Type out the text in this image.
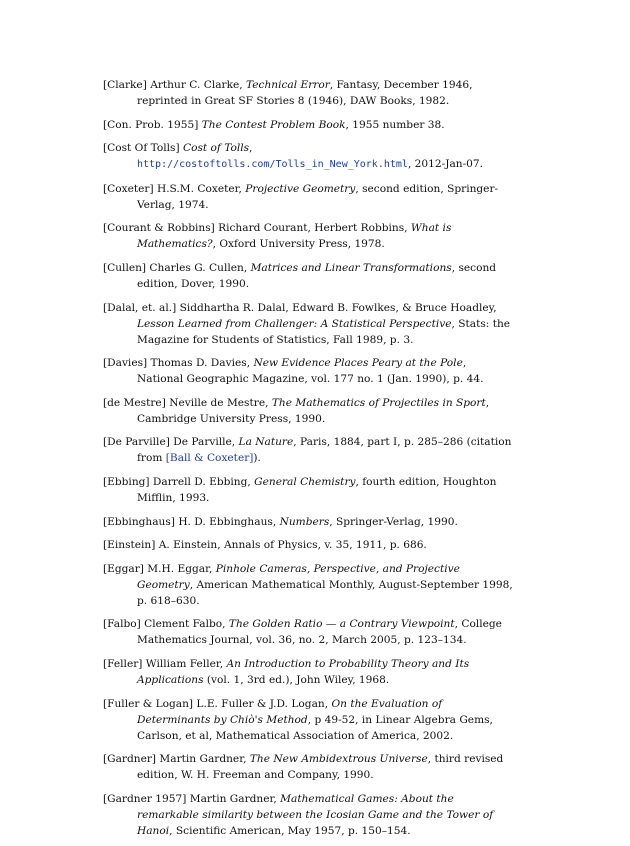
[Clarke] Arthur C. Clarke, Technical Error, Fantasy, December 1946, reprinted in Great SF Stories 8 (1946), DAW Books, 1982.

[Con. Prob. 1955] The Contest Problem Book, 1955 number 38.

[Cost Of Tolls] Cost of Tolls, http://costoftolls.com/Tolls_in_New_York.html, 2012-Jan-07.

[Coxeter] H.S.M. Coxeter, Projective Geometry, second edition, Springer-Verlag, 1974.

[Courant & Robbins] Richard Courant, Herbert Robbins, What is Mathematics?, Oxford University Press, 1978.

[Cullen] Charles G. Cullen, Matrices and Linear Transformations, second edition, Dover, 1990.

[Dalal, et. al.] Siddhartha R. Dalal, Edward B. Fowlkes, & Bruce Hoadley, Lesson Learned from Challenger: A Statistical Perspective, Stats: the Magazine for Students of Statistics, Fall 1989, p. 3.

[Davies] Thomas D. Davies, New Evidence Places Peary at the Pole, National Geographic Magazine, vol. 177 no. 1 (Jan. 1990), p. 44.

[de Mestre] Neville de Mestre, The Mathematics of Projectiles in Sport, Cambridge University Press, 1990.

[De Parville] De Parville, La Nature, Paris, 1884, part I, p. 285–286 (citation from [Ball & Coxeter]).

[Ebbing] Darrell D. Ebbing, General Chemistry, fourth edition, Houghton Mifflin, 1993.

[Ebbinghaus] H. D. Ebbinghaus, Numbers, Springer-Verlag, 1990.

[Einstein] A. Einstein, Annals of Physics, v. 35, 1911, p. 686.

[Eggar] M.H. Eggar, Pinhole Cameras, Perspective, and Projective Geometry, American Mathematical Monthly, August-September 1998, p. 618–630.

[Falbo] Clement Falbo, The Golden Ratio — a Contrary Viewpoint, College Mathematics Journal, vol. 36, no. 2, March 2005, p. 123–134.

[Feller] William Feller, An Introduction to Probability Theory and Its Applications (vol. 1, 3rd ed.), John Wiley, 1968.

[Fuller & Logan] L.E. Fuller & J.D. Logan, On the Evaluation of Determinants by Chiò's Method, p 49-52, in Linear Algebra Gems, Carlson, et al, Mathematical Association of America, 2002.

[Gardner] Martin Gardner, The New Ambidextrous Universe, third revised edition, W. H. Freeman and Company, 1990.

[Gardner 1957] Martin Gardner, Mathematical Games: About the remarkable similarity between the Icosian Game and the Tower of Hanoi, Scientific American, May 1957, p. 150–154.
